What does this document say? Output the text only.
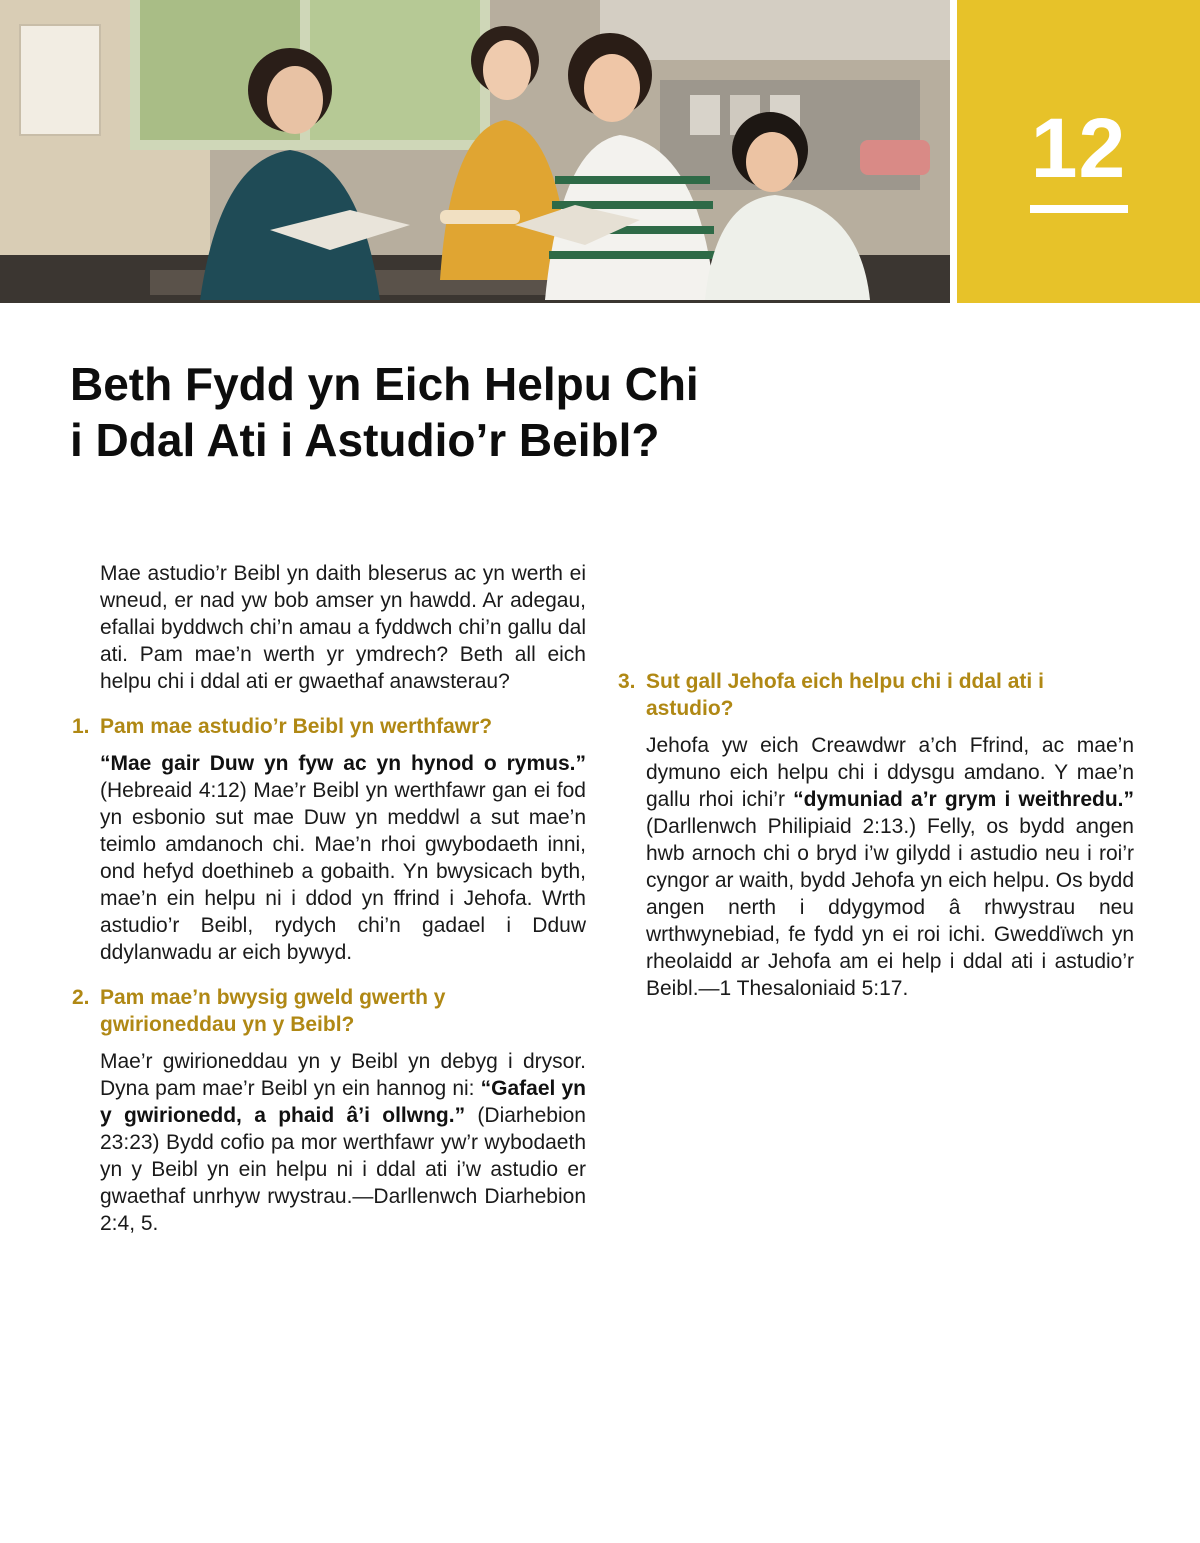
12
Beth Fydd yn Eich Helpu Chi i Ddal Ati i Astudio’r Beibl?

Mae astudio’r Beibl yn daith bleserus ac yn werth ei wneud, er nad yw bob amser yn hawdd. Ar adegau, efallai byddwch chi’n amau a fyddwch chi’n gallu dal ati. Pam mae’n werth yr ymdrech? Beth all eich helpu chi i ddal ati er gwaethaf anawsterau?

1. Pam mae astudio’r Beibl yn werthfawr?

“Mae gair Duw yn fyw ac yn hynod o rymus.” (Hebreaid 4:12) Mae’r Beibl yn werthfawr gan ei fod yn esbonio sut mae Duw yn meddwl a sut mae’n teimlo amdanoch chi. Mae’n rhoi gwybodaeth inni, ond hefyd doethineb a gobaith. Yn bwysicach byth, mae’n ein helpu ni i ddod yn ffrind i Jehofa. Wrth astudio’r Beibl, rydych chi’n gadael i Dduw ddylanwadu ar eich bywyd.

2. Pam mae’n bwysig gweld gwerth y gwirioneddau yn y Beibl?

Mae’r gwirioneddau yn y Beibl yn debyg i drysor. Dyna pam mae’r Beibl yn ein hannog ni: “Gafael yn y gwirionedd, a phaid â’i ollwng.” (Diarhebion 23:23) Bydd cofio pa mor werthfawr yw’r wybodaeth yn y Beibl yn ein helpu ni i ddal ati i’w astudio er gwaethaf unrhyw rwystrau.—Darllenwch Diarhebion 2:4, 5.

3. Sut gall Jehofa eich helpu chi i ddal ati i astudio?

Jehofa yw eich Creawdwr a’ch Ffrind, ac mae’n dymuno eich helpu chi i ddysgu amdano. Y mae’n gallu rhoi ichi’r “dymuniad a’r grym i weithredu.” (Darllenwch Philipiaid 2:13.) Felly, os bydd angen hwb arnoch chi o bryd i’w gilydd i astudio neu i roi’r cyngor ar waith, bydd Jehofa yn eich helpu. Os bydd angen nerth i ddygymod â rhwystrau neu wrthwynebiad, fe fydd yn ei roi ichi. Gweddïwch yn rheolaidd ar Jehofa am ei help i ddal ati i astudio’r Beibl.—1 Thesaloniaid 5:17.
